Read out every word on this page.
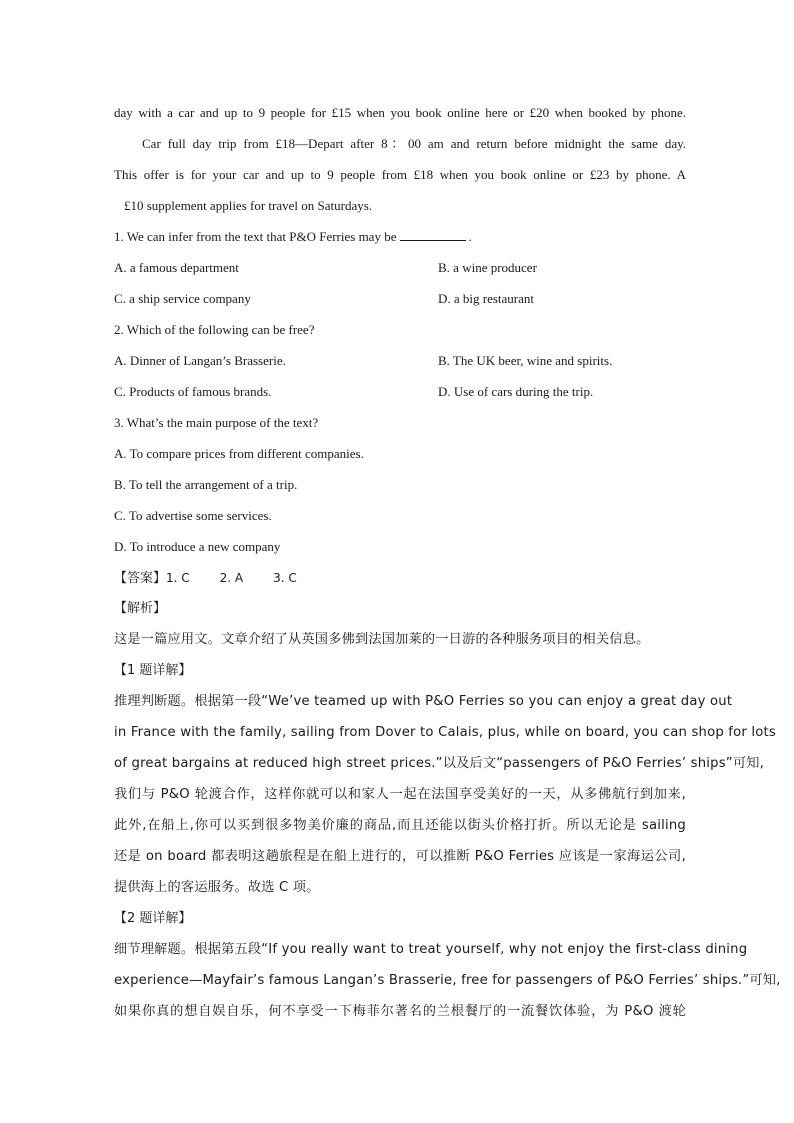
day with a car and up to 9 people for £15 when you book online here or £20 when booked by phone.
Car full day trip from £18—Depart after 8：00 am and return before midnight the same day.
This offer is for your car and up to 9 people from £18 when you book online or £23 by phone. A
£10 supplement applies for travel on Saturdays.
1. We can infer from the text that P&O Ferries may be	.
A. a famous department	B. a wine producer
C. a ship service company	D. a big restaurant
2. Which of the following can be free?
A. Dinner of Langan’s Brasserie.	B. The UK beer, wine and spirits.
C. Products of famous brands.	D. Use of cars during the trip.
3. What’s the main purpose of the text?
A. To compare prices from different companies.
B. To tell the arrangement of a trip.
C. To advertise some services.
D. To introduce a new company
【答案】1. C	2. A	3. C
【解析】
这是一篇应用文。文章介绍了从英国多佛到法国加莱的一日游的各种服务项目的相关信息。
【1 题详解】
推理判断题。根据第一段“We’ve teamed up with P&O Ferries so you can enjoy a great day out
in France with the family, sailing from Dover to Calais, plus, while on board, you can shop for lots
of great bargains at reduced high street prices.”以及后文“passengers of P&O Ferries’ ships”可知,
我们与 P&O 轮渡合作，这样你就可以和家人一起在法国享受美好的一天，从多佛航行到加来,
此外,在船上,你可以买到很多物美价廉的商品,而且还能以街头价格打折。所以无论是 sailing
还是 on board 都表明这趟旅程是在船上进行的，可以推断 P&O Ferries 应该是一家海运公司,
提供海上的客运服务。故选 C 项。
【2 题详解】
细节理解题。根据第五段“If you really want to treat yourself, why not enjoy the first-class dining
experience—Mayfair’s famous Langan’s Brasserie, free for passengers of P&O Ferries’ ships.”可知,
如果你真的想自娱自乐，何不享受一下梅菲尔著名的兰根餐厅的一流餐饮体验，为 P&O 渡轮
